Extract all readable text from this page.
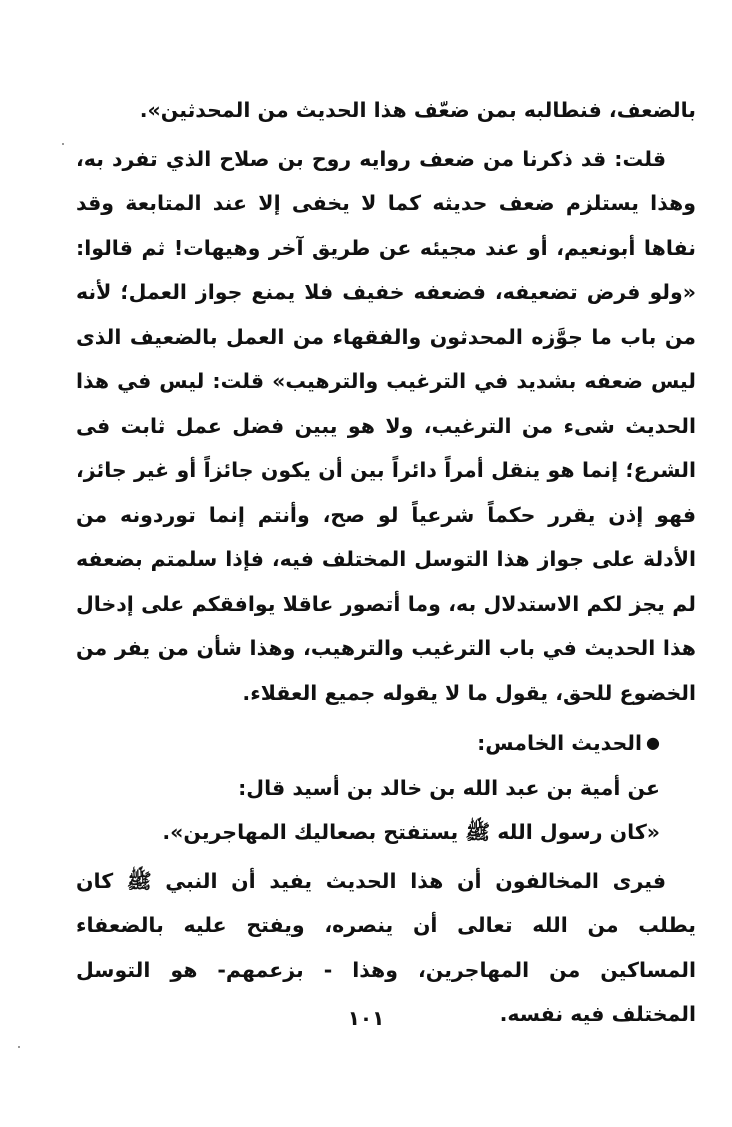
بالضعف، فنطالبه بمن ضعّف هذا الحديث من المحدثين».

قلت: قد ذكرنا من ضعف روايه روح بن صلاح الذي تفرد به، وهذا يستلزم ضعف حديثه كما لا يخفى إلا عند المتابعة وقد نفاها أبونعيم، أو عند مجيئه عن طريق آخر وهيهات! ثم قالوا: «ولو فرض تضعيفه، فضعفه خفيف فلا يمنع جواز العمل؛ لأنه من باب ما جوَّزه المحدثون والفقهاء من العمل بالضعيف الذى ليس ضعفه بشديد في الترغيب والترهيب» قلت: ليس في هذا الحديث شىء من الترغيب، ولا هو يبين فضل عمل ثابت فى الشرع؛ إنما هو ينقل أمراً دائراً بين أن يكون جائزاً أو غير جائز، فهو إذن يقرر حكماً شرعياً لو صح، وأنتم إنما توردونه من الأدلة على جواز هذا التوسل المختلف فيه، فإذا سلمتم بضعفه لم يجز لكم الاستدلال به، وما أتصور عاقلا يوافقكم على إدخال هذا الحديث في باب الترغيب والترهيب، وهذا شأن من يفر من الخضوع للحق، يقول ما لا يقوله جميع العقلاء.

●الحديث الخامس:

عن أمية بن عبد الله بن خالد بن أسيد قال:

«كان رسول الله ﷺ يستفتح بصعاليك المهاجرين».

فيرى المخالفون أن هذا الحديث يفيد أن النبي ﷺ كان يطلب من الله تعالى أن ينصره، ويفتح عليه بالضعفاء المساكين من المهاجرين، وهذا - بزعمهم- هو التوسل المختلف فيه نفسه.

١٠١
